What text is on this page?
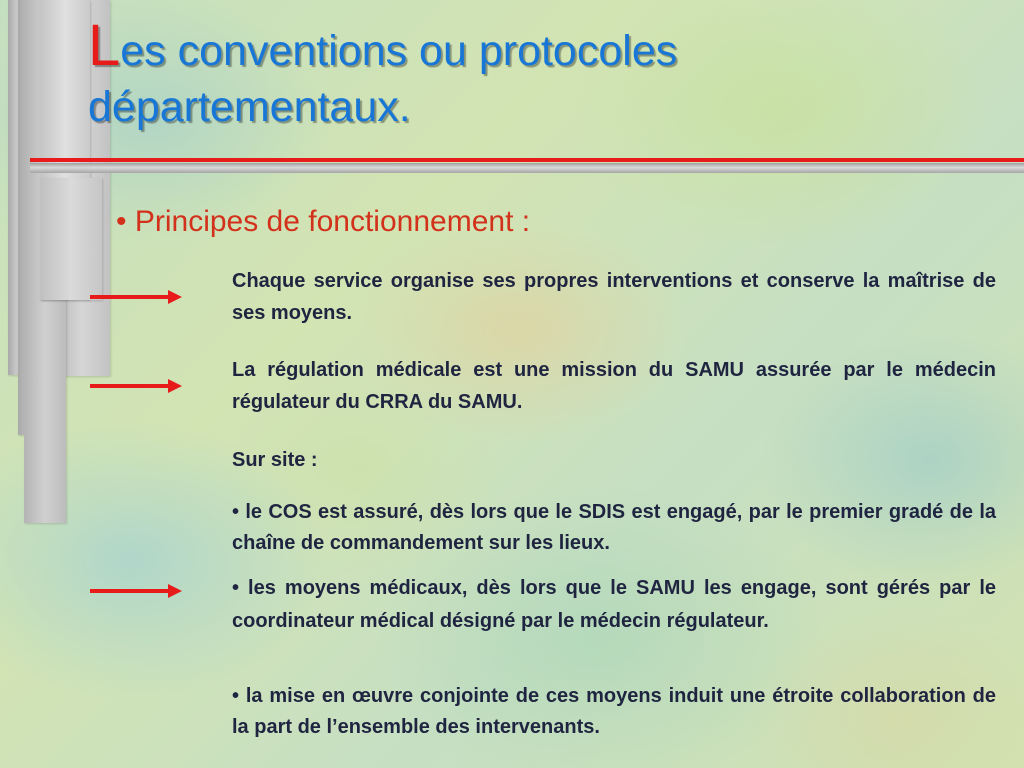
Les conventions ou protocoles
départementaux.
• Principes de fonctionnement :
Chaque service organise ses propres interventions et conserve la maîtrise de ses moyens.
La régulation médicale est une mission du SAMU assurée par le médecin régulateur du CRRA du SAMU.
Sur site :
• le COS est assuré, dès lors que le SDIS est engagé, par le premier gradé de la chaîne de commandement sur les lieux.
• les moyens médicaux, dès lors que le SAMU les engage, sont gérés par le coordinateur médical désigné par le médecin régulateur.
• la mise en œuvre conjointe de ces moyens induit une étroite collaboration de la part de l’ensemble des intervenants.
